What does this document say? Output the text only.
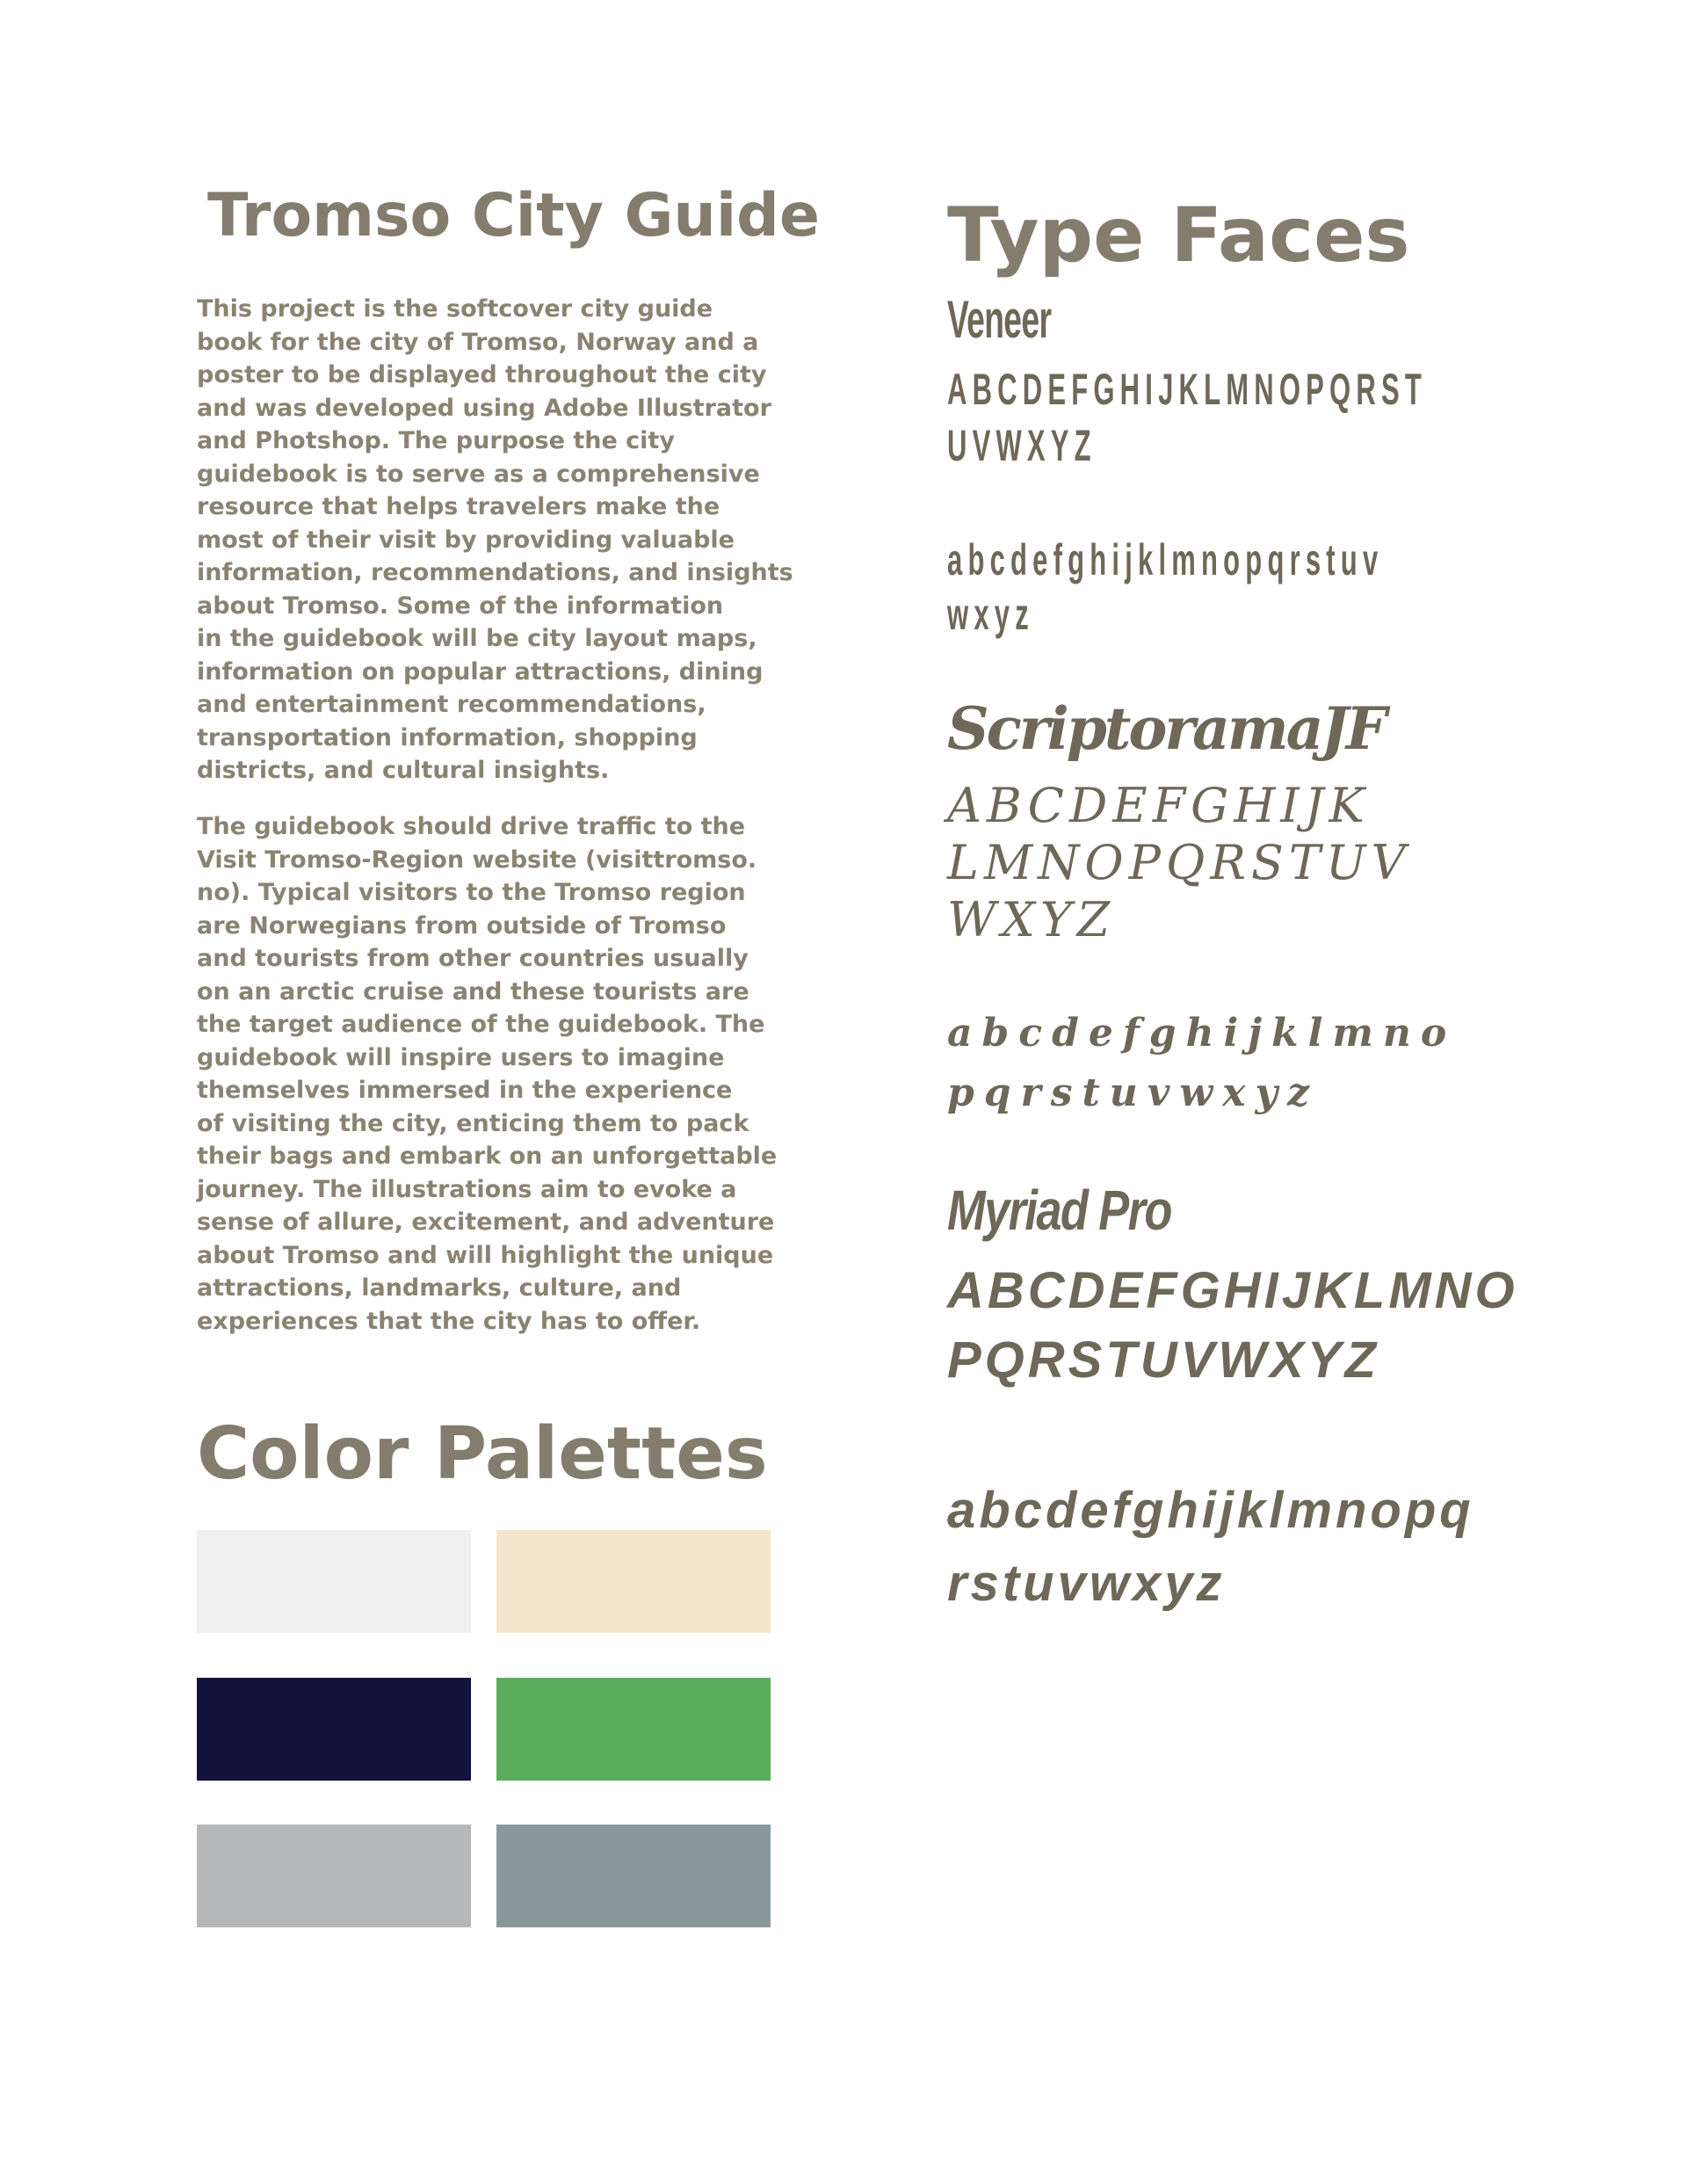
Tromso City Guide

This project is the softcover city guide
book for the city of Tromso, Norway and a
poster to be displayed throughout the city
and was developed using Adobe Illustrator
and Photshop. The purpose the city
guidebook is to serve as a comprehensive
resource that helps travelers make the
most of their visit by providing valuable
information, recommendations, and insights
about Tromso. Some of the information
in the guidebook will be city layout maps,
information on popular attractions, dining
and entertainment recommendations,
transportation information, shopping
districts, and cultural insights.

The guidebook should drive traffic to the
Visit Tromso-Region website (visittromso.
no). Typical visitors to the Tromso region
are Norwegians from outside of Tromso
and tourists from other countries usually
on an arctic cruise and these tourists are
the target audience of the guidebook. The
guidebook will inspire users to imagine
themselves immersed in the experience
of visiting the city, enticing them to pack
their bags and embark on an unforgettable
journey. The illustrations aim to evoke a
sense of allure, excitement, and adventure
about Tromso and will highlight the unique
attractions, landmarks, culture, and
experiences that the city has to offer.

Color Palettes
Type Faces
Veneer
ABCDEFGHIJKLMNOPQRST
UVWXYZ
abcdefghijklmnopqrstuv
wxyz
ScriptoramaJF
ABCDEFGHIJK
LMNOPQRSTUV
WXYZ
abcdefghijklmno
pqrstuvwxyz
Myriad Pro
ABCDEFGHIJKLMNO
PQRSTUVWXYZ
abcdefghijklmnopq
rstuvwxyz
